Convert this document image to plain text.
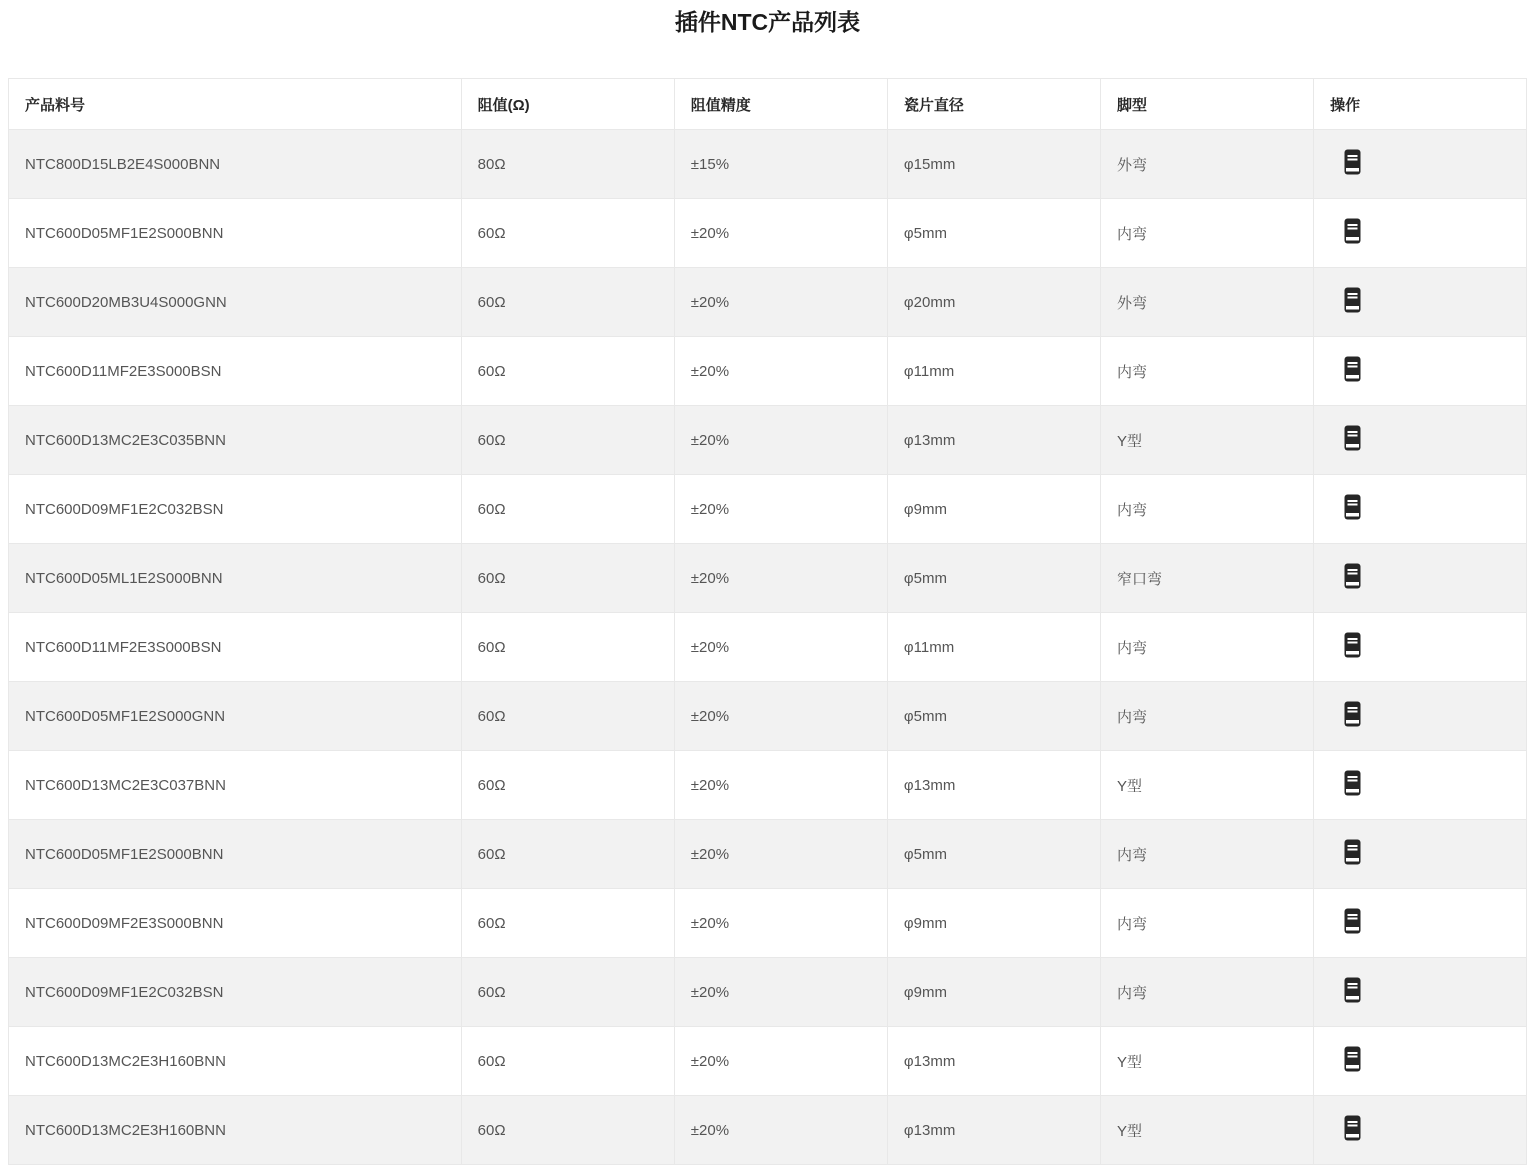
插件NTC产品列表
产品料号	阻值(Ω)	阻值精度	瓷片直径	脚型	操作
NTC800D15LB2E4S000BNN	80Ω	±15%	φ15mm	外弯	

NTC600D05MF1E2S000BNN	60Ω	±20%	φ5mm	内弯	

NTC600D20MB3U4S000GNN	60Ω	±20%	φ20mm	外弯	

NTC600D11MF2E3S000BSN	60Ω	±20%	φ11mm	内弯	

NTC600D13MC2E3C035BNN	60Ω	±20%	φ13mm	Y型	

NTC600D09MF1E2C032BSN	60Ω	±20%	φ9mm	内弯	

NTC600D05ML1E2S000BNN	60Ω	±20%	φ5mm	窄口弯	

NTC600D11MF2E3S000BSN	60Ω	±20%	φ11mm	内弯	

NTC600D05MF1E2S000GNN	60Ω	±20%	φ5mm	内弯	

NTC600D13MC2E3C037BNN	60Ω	±20%	φ13mm	Y型	

NTC600D05MF1E2S000BNN	60Ω	±20%	φ5mm	内弯	

NTC600D09MF2E3S000BNN	60Ω	±20%	φ9mm	内弯	

NTC600D09MF1E2C032BSN	60Ω	±20%	φ9mm	内弯	

NTC600D13MC2E3H160BNN	60Ω	±20%	φ13mm	Y型	

NTC600D13MC2E3H160BNN	60Ω	±20%	φ13mm	Y型	
